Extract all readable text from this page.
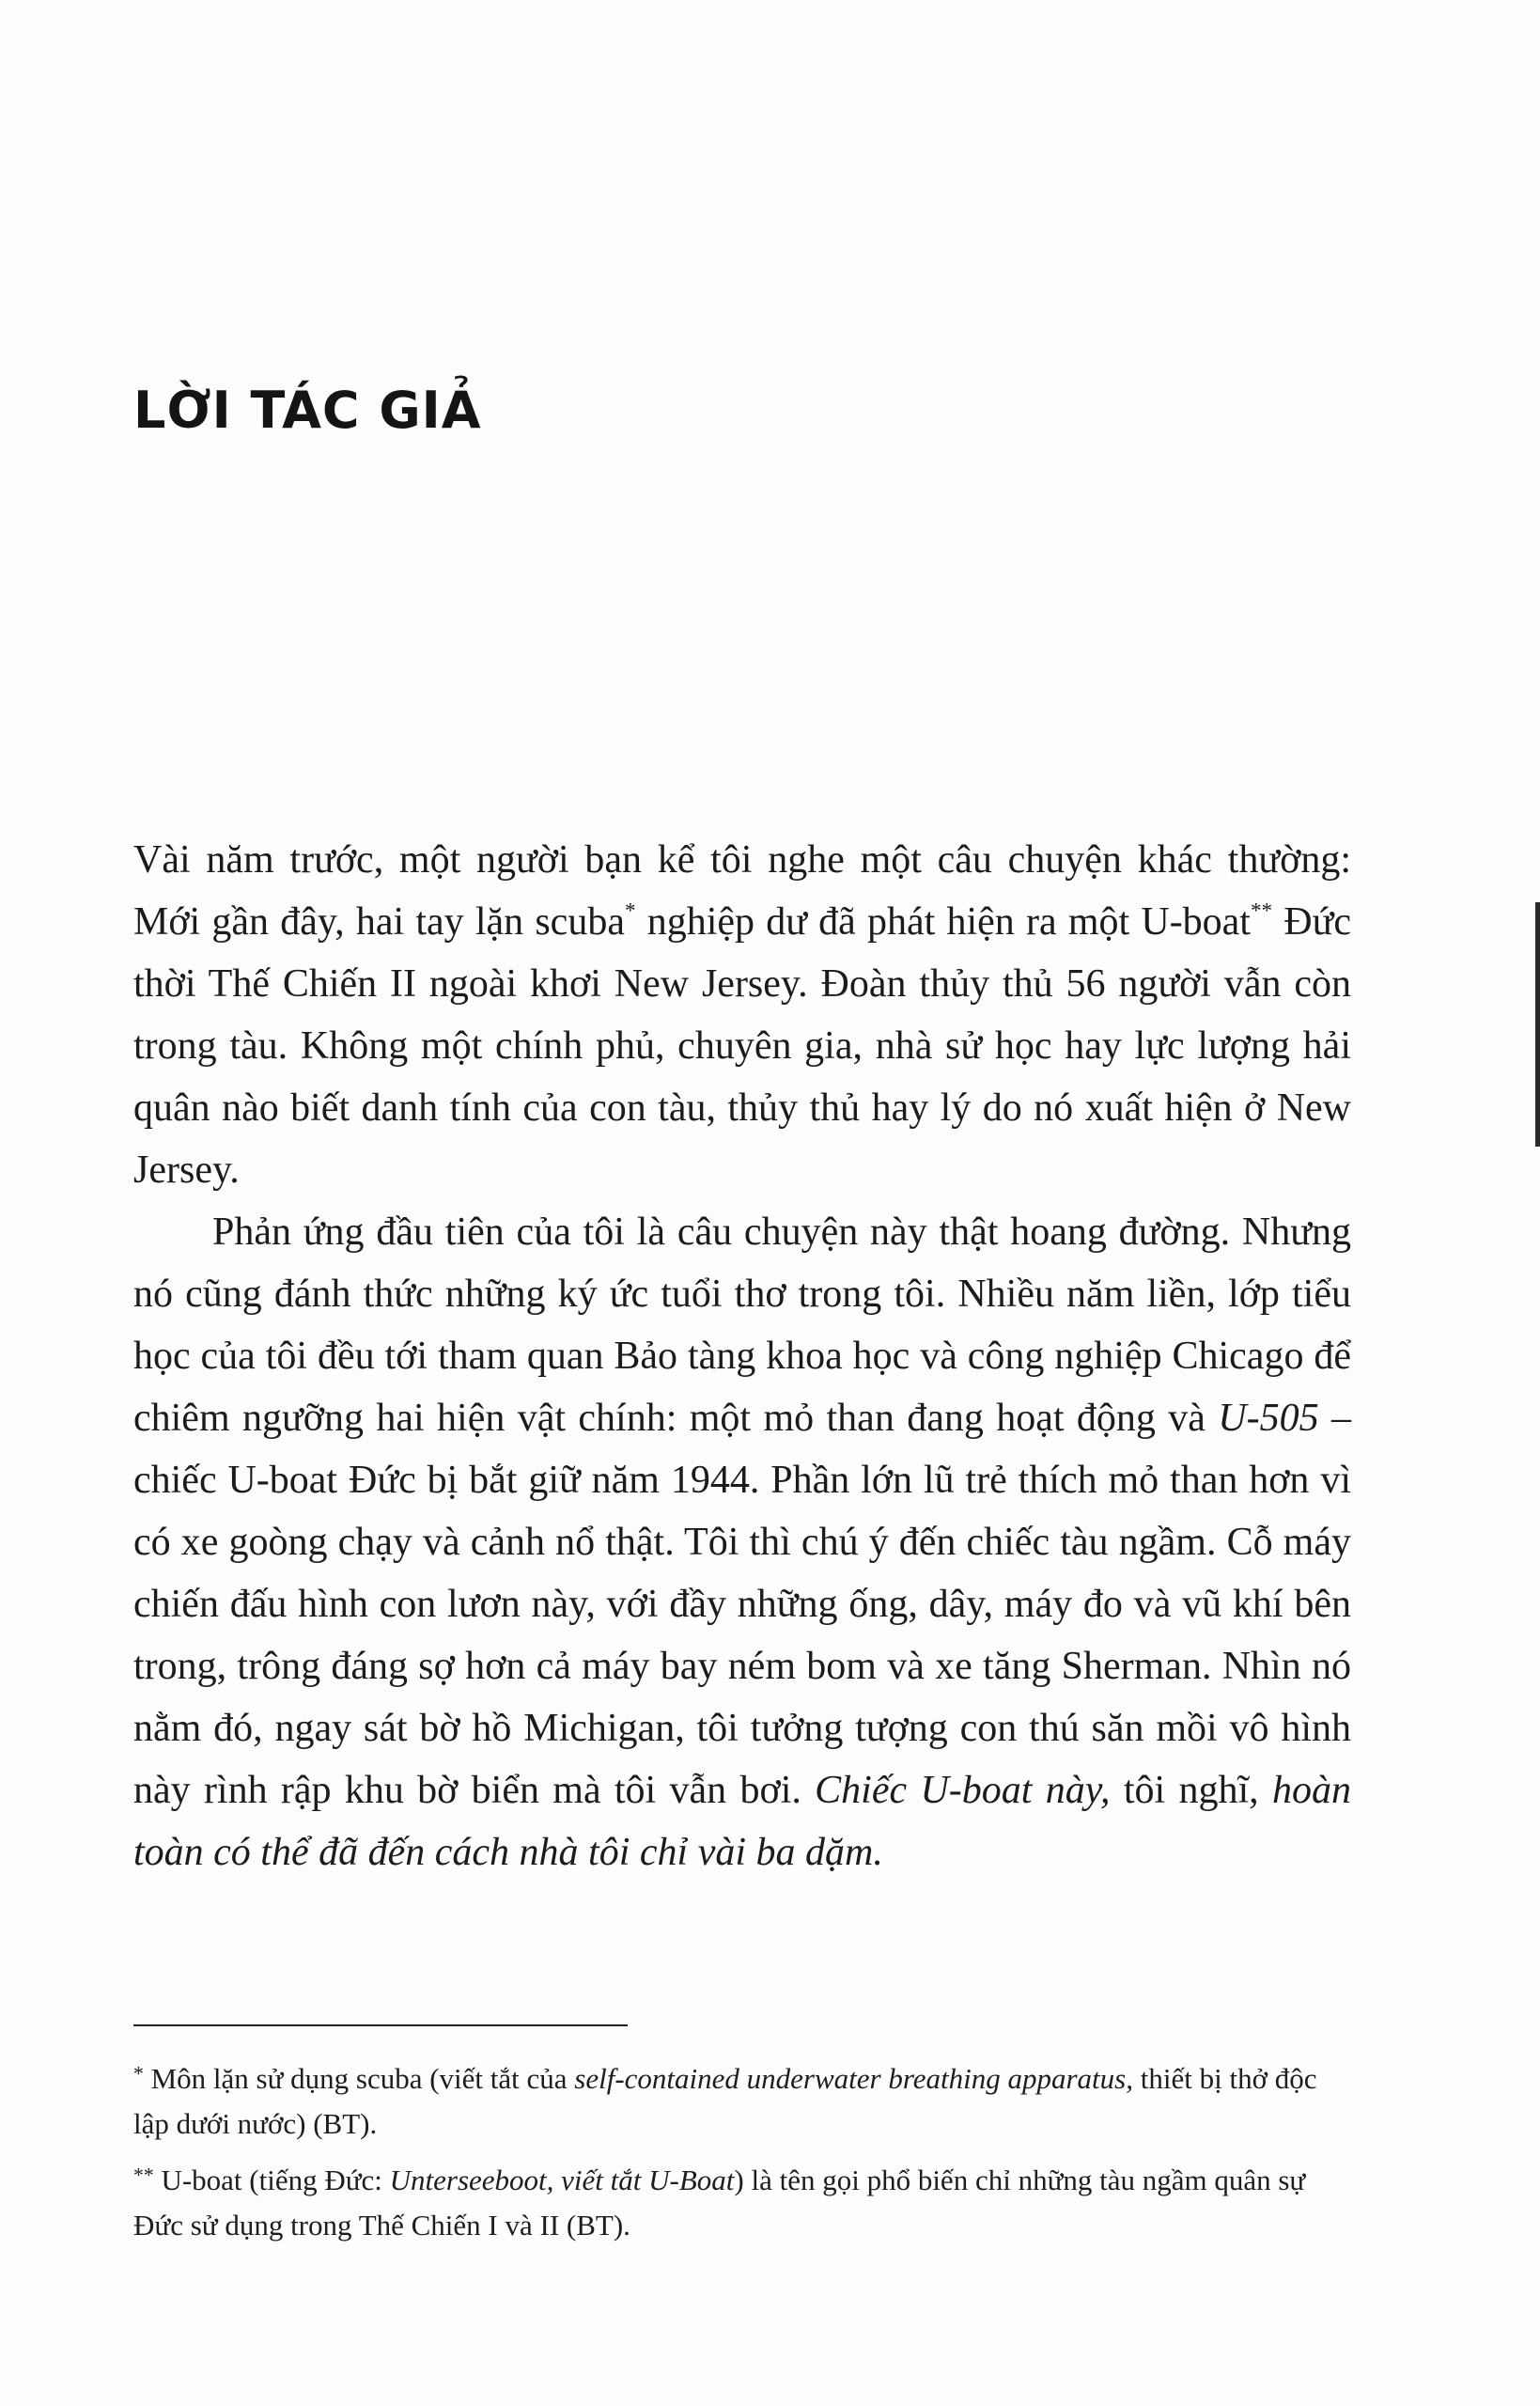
LỜI TÁC GIẢ

Vài năm trước, một người bạn kể tôi nghe một câu chuyện khác thường: Mới gần đây, hai tay lặn scuba* nghiệp dư đã phát hiện ra một U-boat** Đức thời Thế Chiến II ngoài khơi New Jersey. Đoàn thủy thủ 56 người vẫn còn trong tàu. Không một chính phủ, chuyên gia, nhà sử học hay lực lượng hải quân nào biết danh tính của con tàu, thủy thủ hay lý do nó xuất hiện ở New Jersey.

Phản ứng đầu tiên của tôi là câu chuyện này thật hoang đường. Nhưng nó cũng đánh thức những ký ức tuổi thơ trong tôi. Nhiều năm liền, lớp tiểu học của tôi đều tới tham quan Bảo tàng khoa học và công nghiệp Chicago để chiêm ngưỡng hai hiện vật chính: một mỏ than đang hoạt động và U-505 – chiếc U-boat Đức bị bắt giữ năm 1944. Phần lớn lũ trẻ thích mỏ than hơn vì có xe goòng chạy và cảnh nổ thật. Tôi thì chú ý đến chiếc tàu ngầm. Cỗ máy chiến đấu hình con lươn này, với đầy những ống, dây, máy đo và vũ khí bên trong, trông đáng sợ hơn cả máy bay ném bom và xe tăng Sherman. Nhìn nó nằm đó, ngay sát bờ hồ Michigan, tôi tưởng tượng con thú săn mồi vô hình này rình rập khu bờ biển mà tôi vẫn bơi. Chiếc U-boat này, tôi nghĩ, hoàn toàn có thể đã đến cách nhà tôi chỉ vài ba dặm.

* Môn lặn sử dụng scuba (viết tắt của self-contained underwater breathing apparatus, thiết bị thở độc lập dưới nước) (BT).

** U-boat (tiếng Đức: Unterseeboot, viết tắt U-Boat) là tên gọi phổ biến chỉ những tàu ngầm quân sự Đức sử dụng trong Thế Chiến I và II (BT).
